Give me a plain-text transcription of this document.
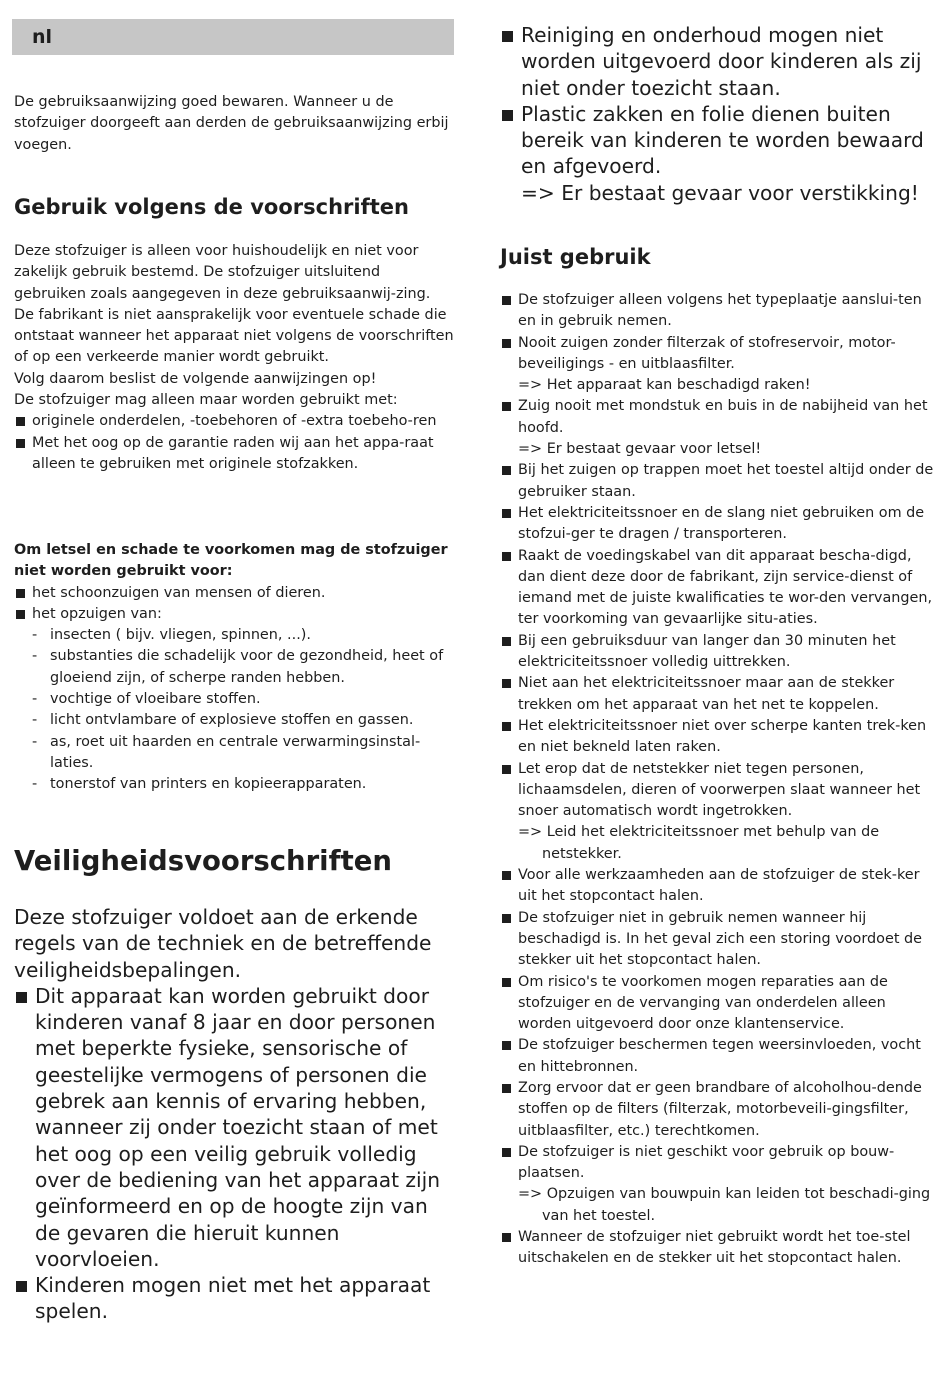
nl

De gebruiksaanwijzing goed bewaren. Wanneer u de stofzuiger doorgeeft aan derden de gebruiksaanwijzing erbij voegen.

Gebruik volgens de voorschriften

Deze stofzuiger is alleen voor huishoudelijk en niet voor zakelijk gebruik bestemd. De stofzuiger uitsluitend gebruiken zoals aangegeven in deze gebruiksaanwij-zing. De fabrikant is niet aansprakelijk voor eventuele schade die ontstaat wanneer het apparaat niet volgens de voorschriften of op een verkeerde manier wordt gebruikt.

Volg daarom beslist de volgende aanwijzingen op!

De stofzuiger mag alleen maar worden gebruikt met:

originele onderdelen, -toebehoren of -extra toebeho-ren
Met het oog op de garantie raden wij aan het appa-raat alleen te gebruiken met originele stofzakken.

Om letsel en schade te voorkomen mag de stofzuiger niet worden gebruikt voor:

het schoonzuigen van mensen of dieren.
het opzuigen van:
- insecten ( bijv. vliegen, spinnen, ...).
- substanties die schadelijk voor de gezondheid, heet of gloeiend zijn, of scherpe randen hebben.
- vochtige of vloeibare stoffen.
- licht ontvlambare of explosieve stoffen en gassen.
- as, roet uit haarden en centrale verwarmingsinstal-laties.
- tonerstof van printers en kopieerapparaten.
Veiligheidsvoorschriften

Deze stofzuiger voldoet aan de erkende regels van de techniek en de betreffende veiligheidsbepalingen.

Dit apparaat kan worden gebruikt door kinderen vanaf 8 jaar en door personen met beperkte fysieke, sensorische of geestelijke vermogens of personen die gebrek aan kennis of ervaring hebben, wanneer zij onder toezicht staan of met het oog op een veilig gebruik volledig over de bediening van het apparaat zijn geïnformeerd en op de hoogte zijn van de gevaren die hieruit kunnen voorvloeien.
Kinderen mogen niet met het apparaat spelen.
Reiniging en onderhoud mogen niet worden uitgevoerd door kinderen als zij niet onder toezicht staan.
Plastic zakken en folie dienen buiten bereik van kinderen te worden bewaard en afgevoerd.
=> Er bestaat gevaar voor verstikking!
Juist gebruik
De stofzuiger alleen volgens het typeplaatje aanslui-ten en in gebruik nemen.
Nooit zuigen zonder filterzak of stofreservoir, motor-beveiligings - en uitblaasfilter.
=> Het apparaat kan beschadigd raken!
Zuig nooit met mondstuk en buis in de nabijheid van het hoofd.
=> Er bestaat gevaar voor letsel!
Bij het zuigen op trappen moet het toestel altijd onder de gebruiker staan.
Het elektriciteitssnoer en de slang niet gebruiken om de stofzui-ger te dragen / transporteren.
Raakt de voedingskabel van dit apparaat bescha-digd, dan dient deze door de fabrikant, zijn service-dienst of iemand met de juiste kwalificaties te wor-den vervangen, ter voorkoming van gevaarlijke situ-aties.
Bij een gebruiksduur van langer dan 30 minuten het elektriciteitssnoer volledig uittrekken.
Niet aan het elektriciteitssnoer maar aan de stekker trekken om het apparaat van het net te koppelen.
Het elektriciteitssnoer niet over scherpe kanten trek-ken en niet bekneld laten raken.
Let erop dat de netstekker niet tegen personen, lichaamsdelen, dieren of voorwerpen slaat wanneer het snoer automatisch wordt ingetrokken.
=> Leid het elektriciteitssnoer met behulp van de netstekker.
Voor alle werkzaamheden aan de stofzuiger de stek-ker uit het stopcontact halen.
De stofzuiger niet in gebruik nemen wanneer hij beschadigd is. In het geval zich een storing voordoet de stekker uit het stopcontact halen.
Om risico's te voorkomen mogen reparaties aan de stofzuiger en de vervanging van onderdelen alleen worden uitgevoerd door onze klantenservice.
De stofzuiger beschermen tegen weersinvloeden, vocht en hittebronnen.
Zorg ervoor dat er geen brandbare of alcoholhou-dende stoffen op de filters (filterzak, motorbeveili-gingsfilter, uitblaasfilter, etc.) terechtkomen.
De stofzuiger is niet geschikt voor gebruik op bouw-plaatsen.
=> Opzuigen van bouwpuin kan leiden tot beschadi-ging van het toestel.
Wanneer de stofzuiger niet gebruikt wordt het toe-stel uitschakelen en de stekker uit het stopcontact halen.
